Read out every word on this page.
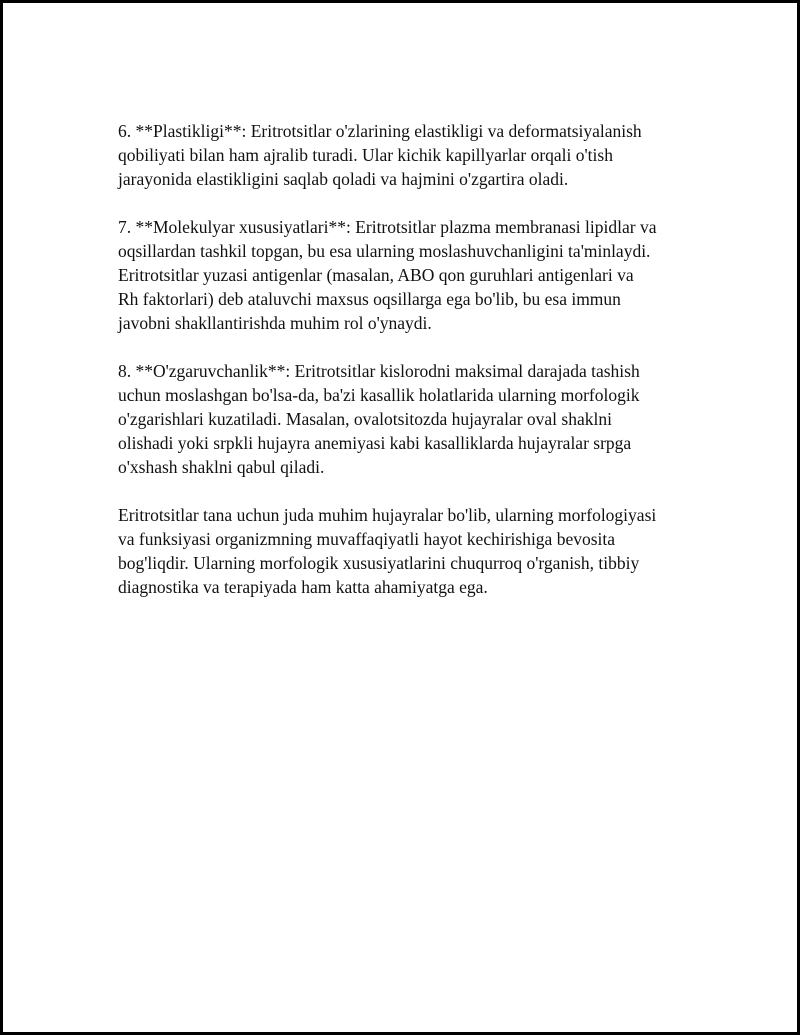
6. **Plastikligi**: Eritrotsitlar o'zlarining elastikligi va deformatsiyalanish
qobiliyati bilan ham ajralib turadi. Ular kichik kapillyarlar orqali o'tish
jarayonida elastikligini saqlab qoladi va hajmini o'zgartira oladi.

7. **Molekulyar xususiyatlari**: Eritrotsitlar plazma membranasi lipidlar va
oqsillardan tashkil topgan, bu esa ularning moslashuvchanligini ta'minlaydi.
Eritrotsitlar yuzasi antigenlar (masalan, ABO qon guruhlari antigenlari va
Rh faktorlari) deb ataluvchi maxsus oqsillarga ega bo'lib, bu esa immun
javobni shakllantirishda muhim rol o'ynaydi.

8. **O'zgaruvchanlik**: Eritrotsitlar kislorodni maksimal darajada tashish
uchun moslashgan bo'lsa-da, ba'zi kasallik holatlarida ularning morfologik
o'zgarishlari kuzatiladi. Masalan, ovalotsitozda hujayralar oval shaklni
olishadi yoki srpkli hujayra anemiyasi kabi kasalliklarda hujayralar srpga
o'xshash shaklni qabul qiladi.

Eritrotsitlar tana uchun juda muhim hujayralar bo'lib, ularning morfologiyasi
va funksiyasi organizmning muvaffaqiyatli hayot kechirishiga bevosita
bog'liqdir. Ularning morfologik xususiyatlarini chuqurroq o'rganish, tibbiy
diagnostika va terapiyada ham katta ahamiyatga ega.
